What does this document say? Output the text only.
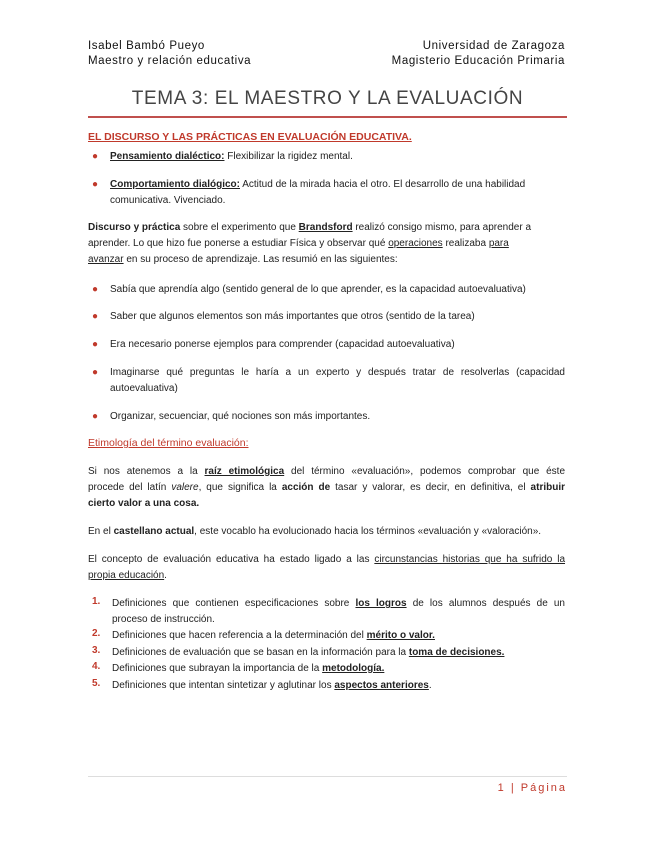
Isabel Bambó Pueyo
Maestro y relación educativa
Universidad de Zaragoza
Magisterio Educación Primaria
TEMA 3: EL MAESTRO Y LA EVALUACIÓN
EL DISCURSO Y LAS PRÁCTICAS EN EVALUACIÓN EDUCATIVA.
● Pensamiento dialéctico: Flexibilizar la rigidez mental.
● Comportamiento dialógico: Actitud de la mirada hacia el otro. El desarrollo de una habilidad
comunicativa. Vivenciado.
Discurso y práctica sobre el experimento que Brandsford realizó consigo mismo, para aprender a
aprender. Lo que hizo fue ponerse a estudiar Física y observar qué operaciones realizaba para
avanzar en su proceso de aprendizaje. Las resumió en las siguientes:
● Sabía que aprendía algo (sentido general de lo que aprender, es la capacidad autoevaluativa)
● Saber que algunos elementos son más importantes que otros (sentido de la tarea)
● Era necesario ponerse ejemplos para comprender (capacidad autoevaluativa)
● Imaginarse qué preguntas le haría a un experto y después tratar de resolverlas (capacidad
autoevaluativa)
● Organizar, secuenciar, qué nociones son más importantes.
Etimología del término evaluación:
Si nos atenemos a la raíz etimológica del término «evaluación», podemos comprobar que éste
procede del latín valere, que significa la acción de tasar y valorar, es decir, en definitiva, el atribuir
cierto valor a una cosa.
En el castellano actual, este vocablo ha evolucionado hacia los términos «evaluación y «valoración».
El concepto de evaluación educativa ha estado ligado a las circunstancias historias que ha sufrido la
propia educación.
1. Definiciones que contienen especificaciones sobre los logros de los alumnos después de un
proceso de instrucción.
2. Definiciones que hacen referencia a la determinación del mérito o valor.
3. Definiciones de evaluación que se basan en la información para la toma de decisiones.
4. Definiciones que subrayan la importancia de la metodología.
5. Definiciones que intentan sintetizar y aglutinar los aspectos anteriores.
1 | Página
